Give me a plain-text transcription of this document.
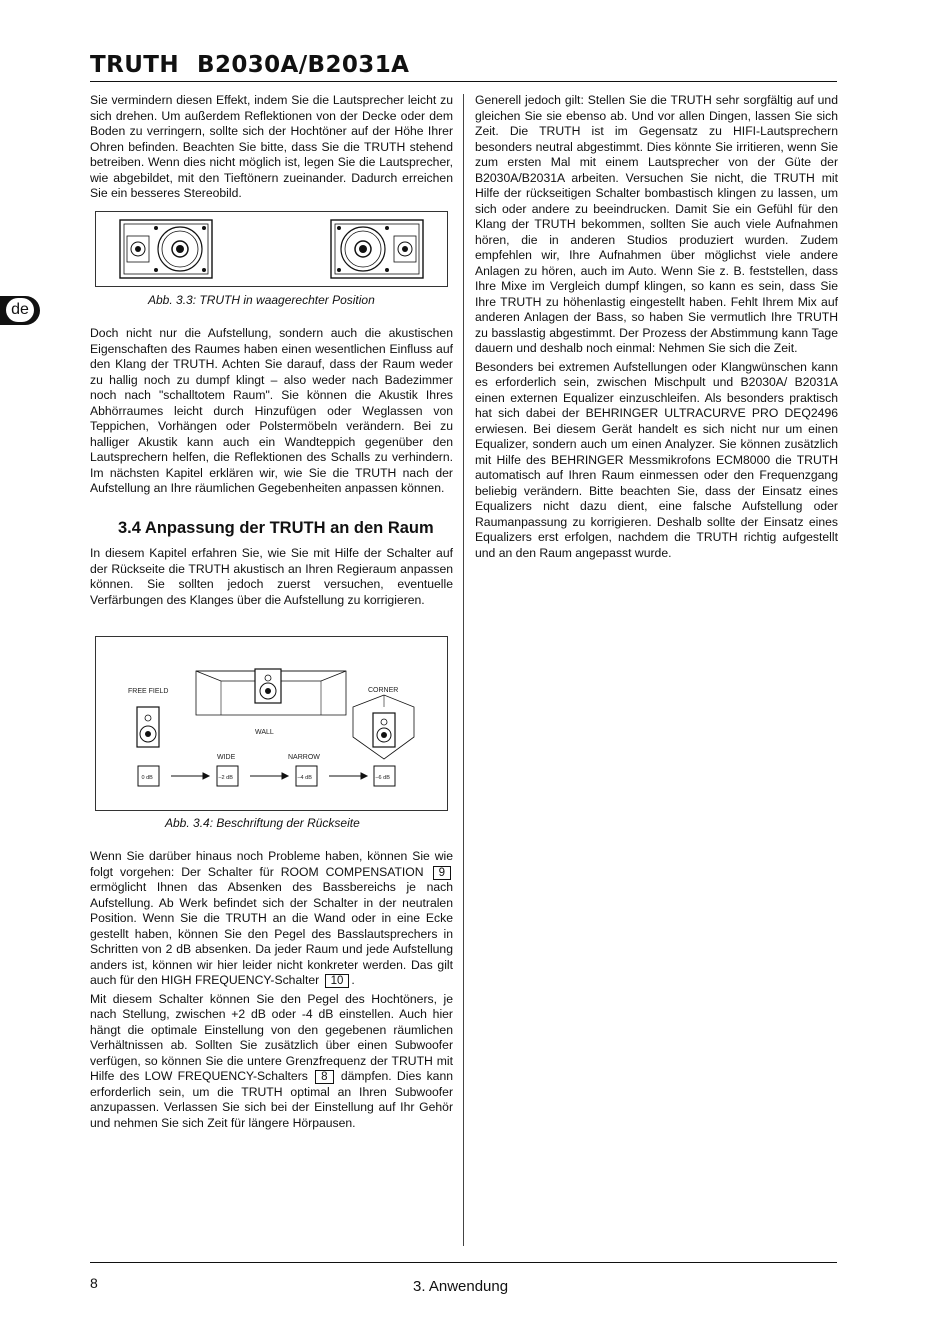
TRUTH B2030A/B2031A
de

Sie vermindern diesen Effekt, indem Sie die Lautsprecher leicht zu sich drehen. Um außerdem Reflektionen von der Decke oder dem Boden zu verringern, sollte sich der Hochtöner auf der Höhe Ihrer Ohren befinden. Beachten Sie bitte, dass Sie die TRUTH stehend betreiben. Wenn dies nicht möglich ist, legen Sie die Lautsprecher, wie abgebildet, mit den Tieftönern zueinander. Dadurch erreichen Sie ein besseres Stereobild.

Abb. 3.3: TRUTH in waagerechter Position

Doch nicht nur die Aufstellung, sondern auch die akustischen Eigenschaften des Raumes haben einen wesentlichen Einfluss auf den Klang der TRUTH. Achten Sie darauf, dass der Raum weder zu hallig noch zu dumpf klingt – also weder nach Badezimmer noch nach "schalltotem Raum". Sie können die Akustik Ihres Abhörraumes leicht durch Hinzufügen oder Weglassen von Teppichen, Vorhängen oder Polstermöbeln verändern. Bei zu halliger Akustik kann auch ein Wandteppich gegenüber den Lautsprechern helfen, die Reflektionen des Schalls zu verhindern. Im nächsten Kapitel erklären wir, wie Sie die TRUTH nach der Aufstellung an Ihre räumlichen Gegebenheiten anpassen können.

3.4 Anpassung der TRUTH an den Raum

In diesem Kapitel erfahren Sie, wie Sie mit Hilfe der Schalter auf der Rückseite die TRUTH akustisch an Ihren Regieraum anpassen können. Sie sollten jedoch zuerst versuchen, eventuelle Verfärbungen des Klanges über die Aufstellung zu korrigieren.

FREE FIELD	CORNER
WALL
WIDE	NARROW
0 dB	–2 dB	–4 dB	–6 dB
Abb. 3.4: Beschriftung der Rückseite

Wenn Sie darüber hinaus noch Probleme haben, können Sie wie folgt vorgehen: Der Schalter für ROOM COMPENSATION 9 ermöglicht Ihnen das Absenken des Bassbereichs je nach Aufstellung. Ab Werk befindet sich der Schalter in der neutralen Position. Wenn Sie die TRUTH an die Wand oder in eine Ecke gestellt haben, können Sie den Pegel des Basslautsprechers in Schritten von 2 dB absenken. Da jeder Raum und jede Aufstellung anders ist, können wir hier leider nicht konkreter werden. Das gilt auch für den HIGH FREQUENCY-Schalter 10 .

Mit diesem Schalter können Sie den Pegel des Hochtöners, je nach Stellung, zwischen +2 dB oder -4 dB einstellen. Auch hier hängt die optimale Einstellung von den gegebenen räumlichen Verhältnissen ab. Sollten Sie zusätzlich über einen Subwoofer verfügen, so können Sie die untere Grenzfrequenz der TRUTH mit Hilfe des LOW FREQUENCY-Schalters 8 dämpfen. Dies kann erforderlich sein, um die TRUTH optimal an Ihren Subwoofer anzupassen. Verlassen Sie sich bei der Einstellung auf Ihr Gehör und nehmen Sie sich Zeit für längere Hörpausen.

Generell jedoch gilt: Stellen Sie die TRUTH sehr sorgfältig auf und gleichen Sie sie ebenso ab. Und vor allen Dingen, lassen Sie sich Zeit. Die TRUTH ist im Gegensatz zu HIFI-Lautsprechern besonders neutral abgestimmt. Dies könnte Sie irritieren, wenn Sie zum ersten Mal mit einem Lautsprecher von der Güte der B2030A/B2031A arbeiten. Versuchen Sie nicht, die TRUTH mit Hilfe der rückseitigen Schalter bombastisch klingen zu lassen, um sich oder andere zu beeindrucken. Damit Sie ein Gefühl für den Klang der TRUTH bekommen, sollten Sie auch viele Aufnahmen hören, die in anderen Studios produziert wurden. Zudem empfehlen wir, Ihre Aufnahmen über möglichst viele andere Anlagen zu hören, auch im Auto. Wenn Sie z. B. feststellen, dass Ihre Mixe im Vergleich dumpf klingen, so kann es sein, dass Sie Ihre TRUTH zu höhenlastig eingestellt haben. Fehlt Ihrem Mix auf anderen Anlagen der Bass, so haben Sie vermutlich Ihre TRUTH zu basslastig abgestimmt. Der Prozess der Abstimmung kann Tage dauern und deshalb noch einmal: Nehmen Sie sich die Zeit.

Besonders bei extremen Aufstellungen oder Klangwünschen kann es erforderlich sein, zwischen Mischpult und B2030A/ B2031A einen externen Equalizer einzuschleifen. Als besonders praktisch hat sich dabei der BEHRINGER ULTRACURVE PRO DEQ2496 erwiesen. Bei diesem Gerät handelt es sich nicht nur um einen Equalizer, sondern auch um einen Analyzer. Sie können zusätzlich mit Hilfe des BEHRINGER Messmikrofons ECM8000 die TRUTH automatisch auf Ihren Raum einmessen oder den Frequenzgang beliebig verändern. Bitte beachten Sie, dass der Einsatz eines Equalizers nicht dazu dient, eine falsche Aufstellung oder Raumanpassung zu korrigieren. Deshalb sollte der Einsatz eines Equalizers erst erfolgen, nachdem die TRUTH richtig aufgestellt und an den Raum angepasst wurde.

8	3. Anwendung
